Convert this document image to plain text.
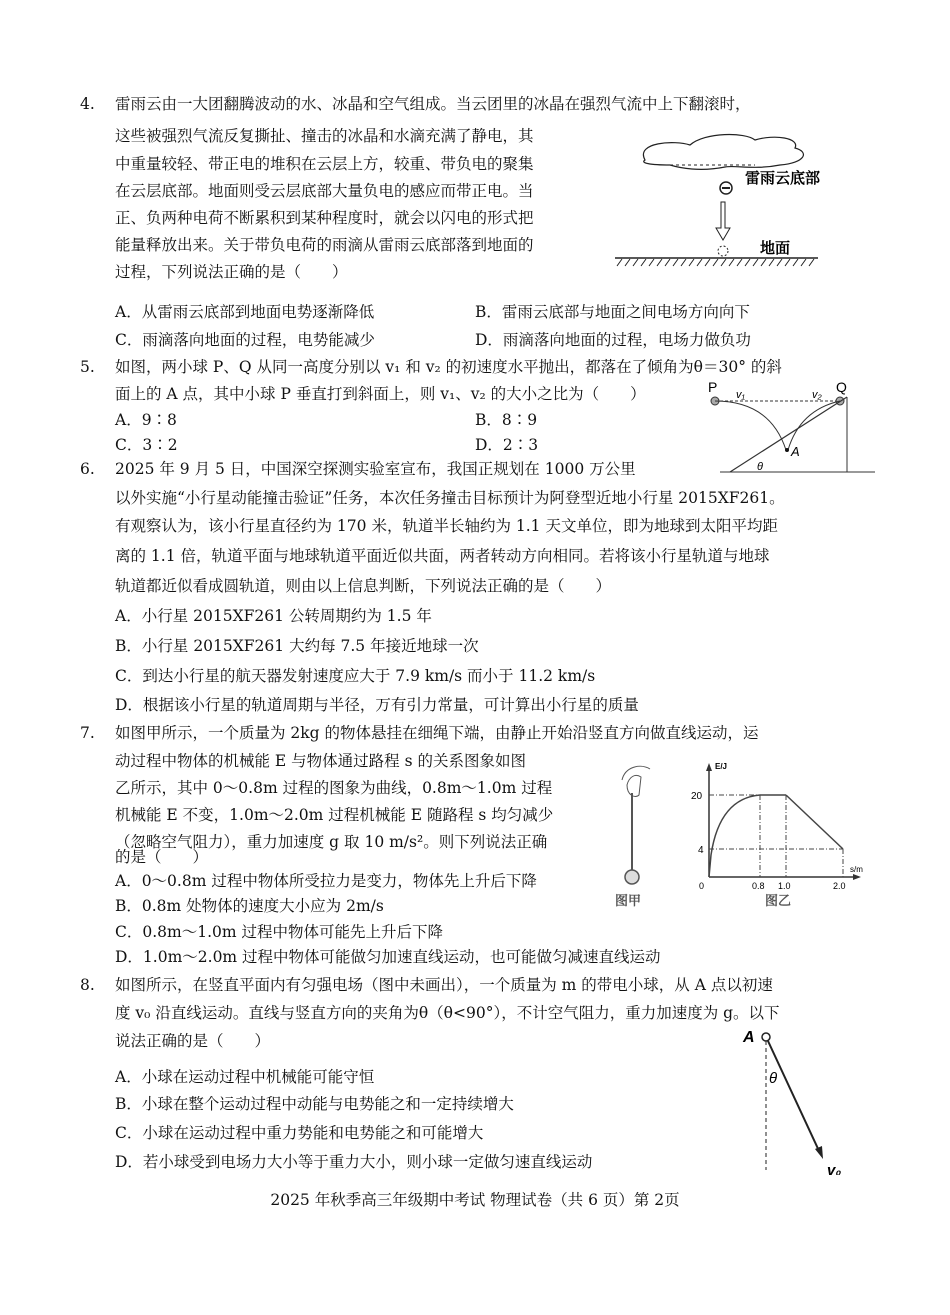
4. 雷雨云由一大团翻腾波动的水、冰晶和空气组成。当云团里的冰晶在强烈气流中上下翻滚时，
这些被强烈气流反复撕扯、撞击的冰晶和水滴充满了静电，其
中重量较轻、带正电的堆积在云层上方，较重、带负电的聚集
在云层底部。地面则受云层底部大量负电的感应而带正电。当
正、负两种电荷不断累积到某种程度时，就会以闪电的形式把
能量释放出来。关于带负电荷的雨滴从雷雨云底部落到地面的
过程，下列说法正确的是（　　）
A．从雷雨云底部到地面电势逐渐降低	B．雷雨云底部与地面之间电场方向向下
C．雨滴落向地面的过程，电势能减少	D．雨滴落向地面的过程，电场力做负功
雷雨云底部
地面
5. 如图，两小球 P、Q 从同一高度分别以 v₁ 和 v₂ 的初速度水平抛出，都落在了倾角为θ＝30° 的斜
面上的 A 点，其中小球 P 垂直打到斜面上，则 v₁、v₂ 的大小之比为（　　）
A．9∶8	B．8∶9
C．3∶2	D．2∶3
P	Q
v₁	v₂
A
θ
6. 2025 年 9 月 5 日，中国深空探测实验室宣布，我国正规划在 1000 万公里
以外实施“小行星动能撞击验证”任务，本次任务撞击目标预计为阿登型近地小行星 2015XF261。
有观察认为，该小行星直径约为 170 米，轨道半长轴约为 1.1 天文单位，即为地球到太阳平均距
离的 1.1 倍，轨道平面与地球轨道平面近似共面，两者转动方向相同。若将该小行星轨道与地球
轨道都近似看成圆轨道，则由以上信息判断，下列说法正确的是（　　）
A．小行星 2015XF261 公转周期约为 1.5 年
B．小行星 2015XF261 大约每 7.5 年接近地球一次
C．到达小行星的航天器发射速度应大于 7.9 km/s 而小于 11.2 km/s
D．根据该小行星的轨道周期与半径，万有引力常量，可计算出小行星的质量
7. 如图甲所示，一个质量为 2kg 的物体悬挂在细绳下端，由静止开始沿竖直方向做直线运动，运
动过程中物体的机械能 E 与物体通过路程 s 的关系图象如图
乙所示，其中 0～0.8m 过程的图象为曲线，0.8m～1.0m 过程
机械能 E 不变，1.0m～2.0m 过程机械能 E 随路程 s 均匀减少
（忽略空气阻力），重力加速度 g 取 10 m/s²。则下列说法正确
的是（　　）
A．0～0.8m 过程中物体所受拉力是变力，物体先上升后下降
B．0.8m 处物体的速度大小应为 2m/s
C．0.8m～1.0m 过程中物体可能先上升后下降
D．1.0m～2.0m 过程中物体可能做匀加速直线运动，也可能做匀减速直线运动
图甲
E/J
s/m
20
4
0	0.8 1.0	2.0
图乙
8. 如图所示，在竖直平面内有匀强电场（图中未画出），一个质量为 m 的带电小球，从 A 点以初速
度 v₀ 沿直线运动。直线与竖直方向的夹角为θ（θ<90°），不计空气阻力，重力加速度为 g。以下
说法正确的是（　　）
A．小球在运动过程中机械能可能守恒
B．小球在整个运动过程中动能与电势能之和一定持续增大
C．小球在运动过程中重力势能和电势能之和可能增大
D．若小球受到电场力大小等于重力大小，则小球一定做匀速直线运动
A
θ
v₀
2025 年秋季高三年级期中考试 物理试卷（共 6 页）第 2页
